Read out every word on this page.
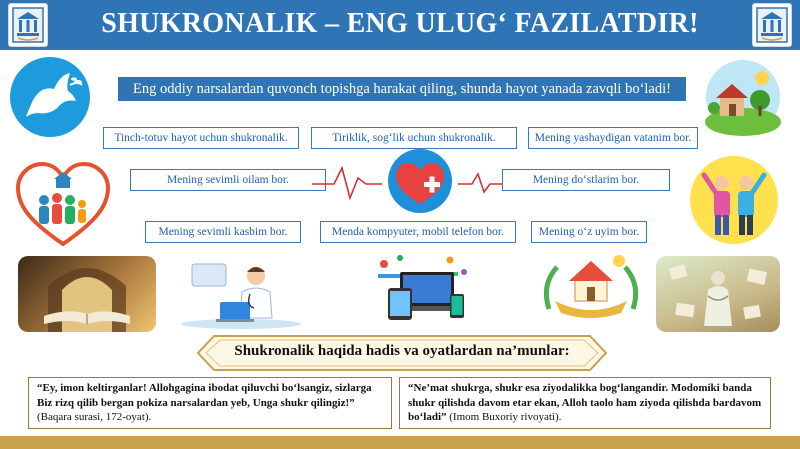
SHUKRONALIK – ENG ULUG‘ FAZILATDIR!
Eng oddiy narsalardan quvonch topishga harakat qiling, shunda hayot yanada zavqli bo‘ladi!
Tinch-totuv hayot uchun shukronalik.	Tiriklik, sog‘lik uchun shukronalik.	Mening yashaydigan vatanim bor.
Mening sevimli oilam bor.	Mening do‘stlarim bor.
Mening sevimli kasbim bor.	Menda kompyuter, mobil telefon bor.	Mening o‘z uyim bor.
Shukronalik haqida hadis va oyatlardan na’munlar:
“Ey, imon keltirganlar! Allohgagina ibodat qiluvchi bo‘lsangiz, sizlarga Biz rizq qilib bergan pokiza narsalardan yeb, Unga shukr qilingiz!” (Baqara surasi, 172-oyat).
“Ne’mat shukrga, shukr esa ziyodalikka bog‘langandir. Modomiki banda shukr qilishda davom etar ekan, Alloh taolo ham ziyoda qilishda bardavom bo‘ladi” (Imom Buxoriy rivoyati).
